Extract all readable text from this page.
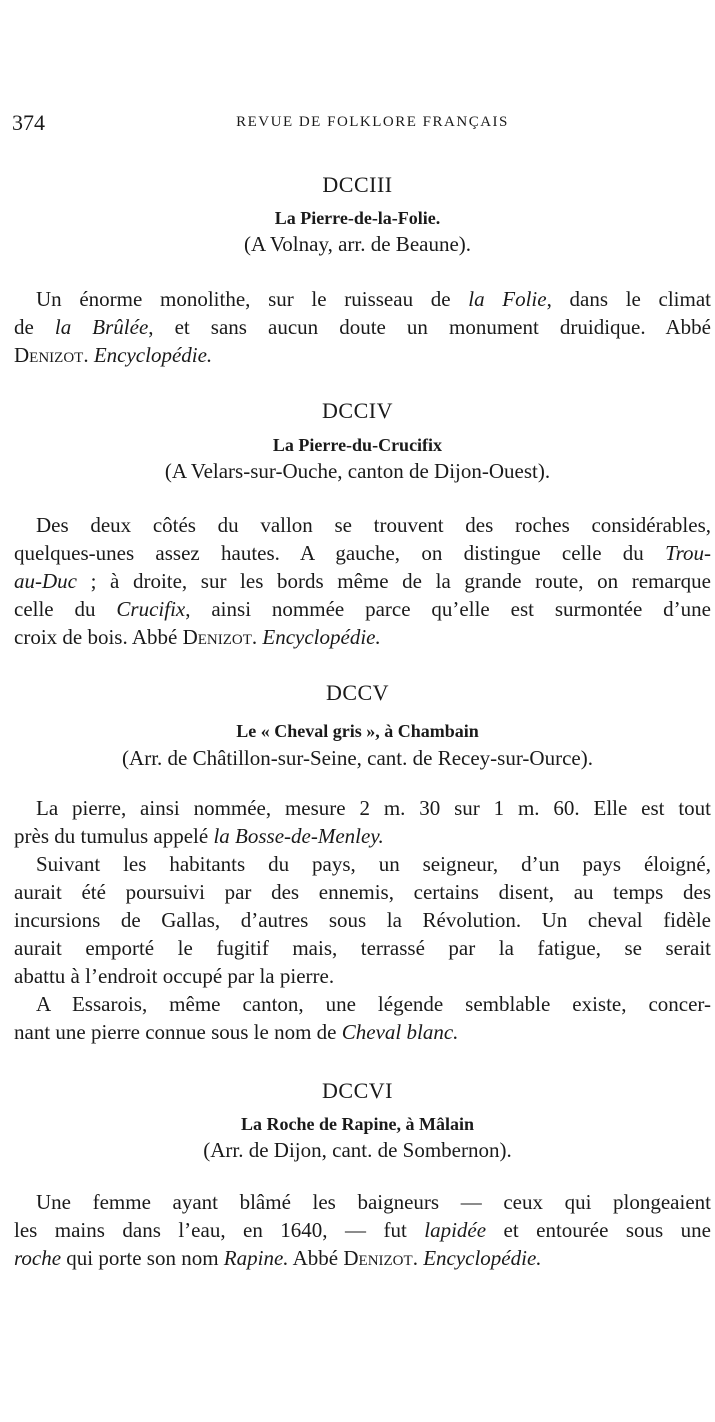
374	REVUE DE FOLKLORE FRANÇAIS
DCCIII
La Pierre-de-la-Folie.
(A Volnay, arr. de Beaune).
Un énorme monolithe, sur le ruisseau de la Folie, dans le climat
de la Brûlée, et sans aucun doute un monument druidique. Abbé
Denizot. Encyclopédie.
DCCIV
La Pierre-du-Crucifix
(A Velars-sur-Ouche, canton de Dijon-Ouest).
Des deux côtés du vallon se trouvent des roches considérables,
quelques-unes assez hautes. A gauche, on distingue celle du Trou-
au-Duc ; à droite, sur les bords même de la grande route, on remarque
celle du Crucifix, ainsi nommée parce qu’elle est surmontée d’une
croix de bois. Abbé Denizot. Encyclopédie.
DCCV
Le « Cheval gris », à Chambain
(Arr. de Châtillon-sur-Seine, cant. de Recey-sur-Ource).
La pierre, ainsi nommée, mesure 2 m. 30 sur 1 m. 60. Elle est tout
près du tumulus appelé la Bosse-de-Menley.
Suivant les habitants du pays, un seigneur, d’un pays éloigné,
aurait été poursuivi par des ennemis, certains disent, au temps des
incursions de Gallas, d’autres sous la Révolution. Un cheval fidèle
aurait emporté le fugitif mais, terrassé par la fatigue, se serait
abattu à l’endroit occupé par la pierre.
A Essarois, même canton, une légende semblable existe, concer-
nant une pierre connue sous le nom de Cheval blanc.
DCCVI
La Roche de Rapine, à Mâlain
(Arr. de Dijon, cant. de Sombernon).
Une femme ayant blâmé les baigneurs — ceux qui plongeaient
les mains dans l’eau, en 1640, — fut lapidée et entourée sous une
roche qui porte son nom Rapine. Abbé Denizot. Encyclopédie.
